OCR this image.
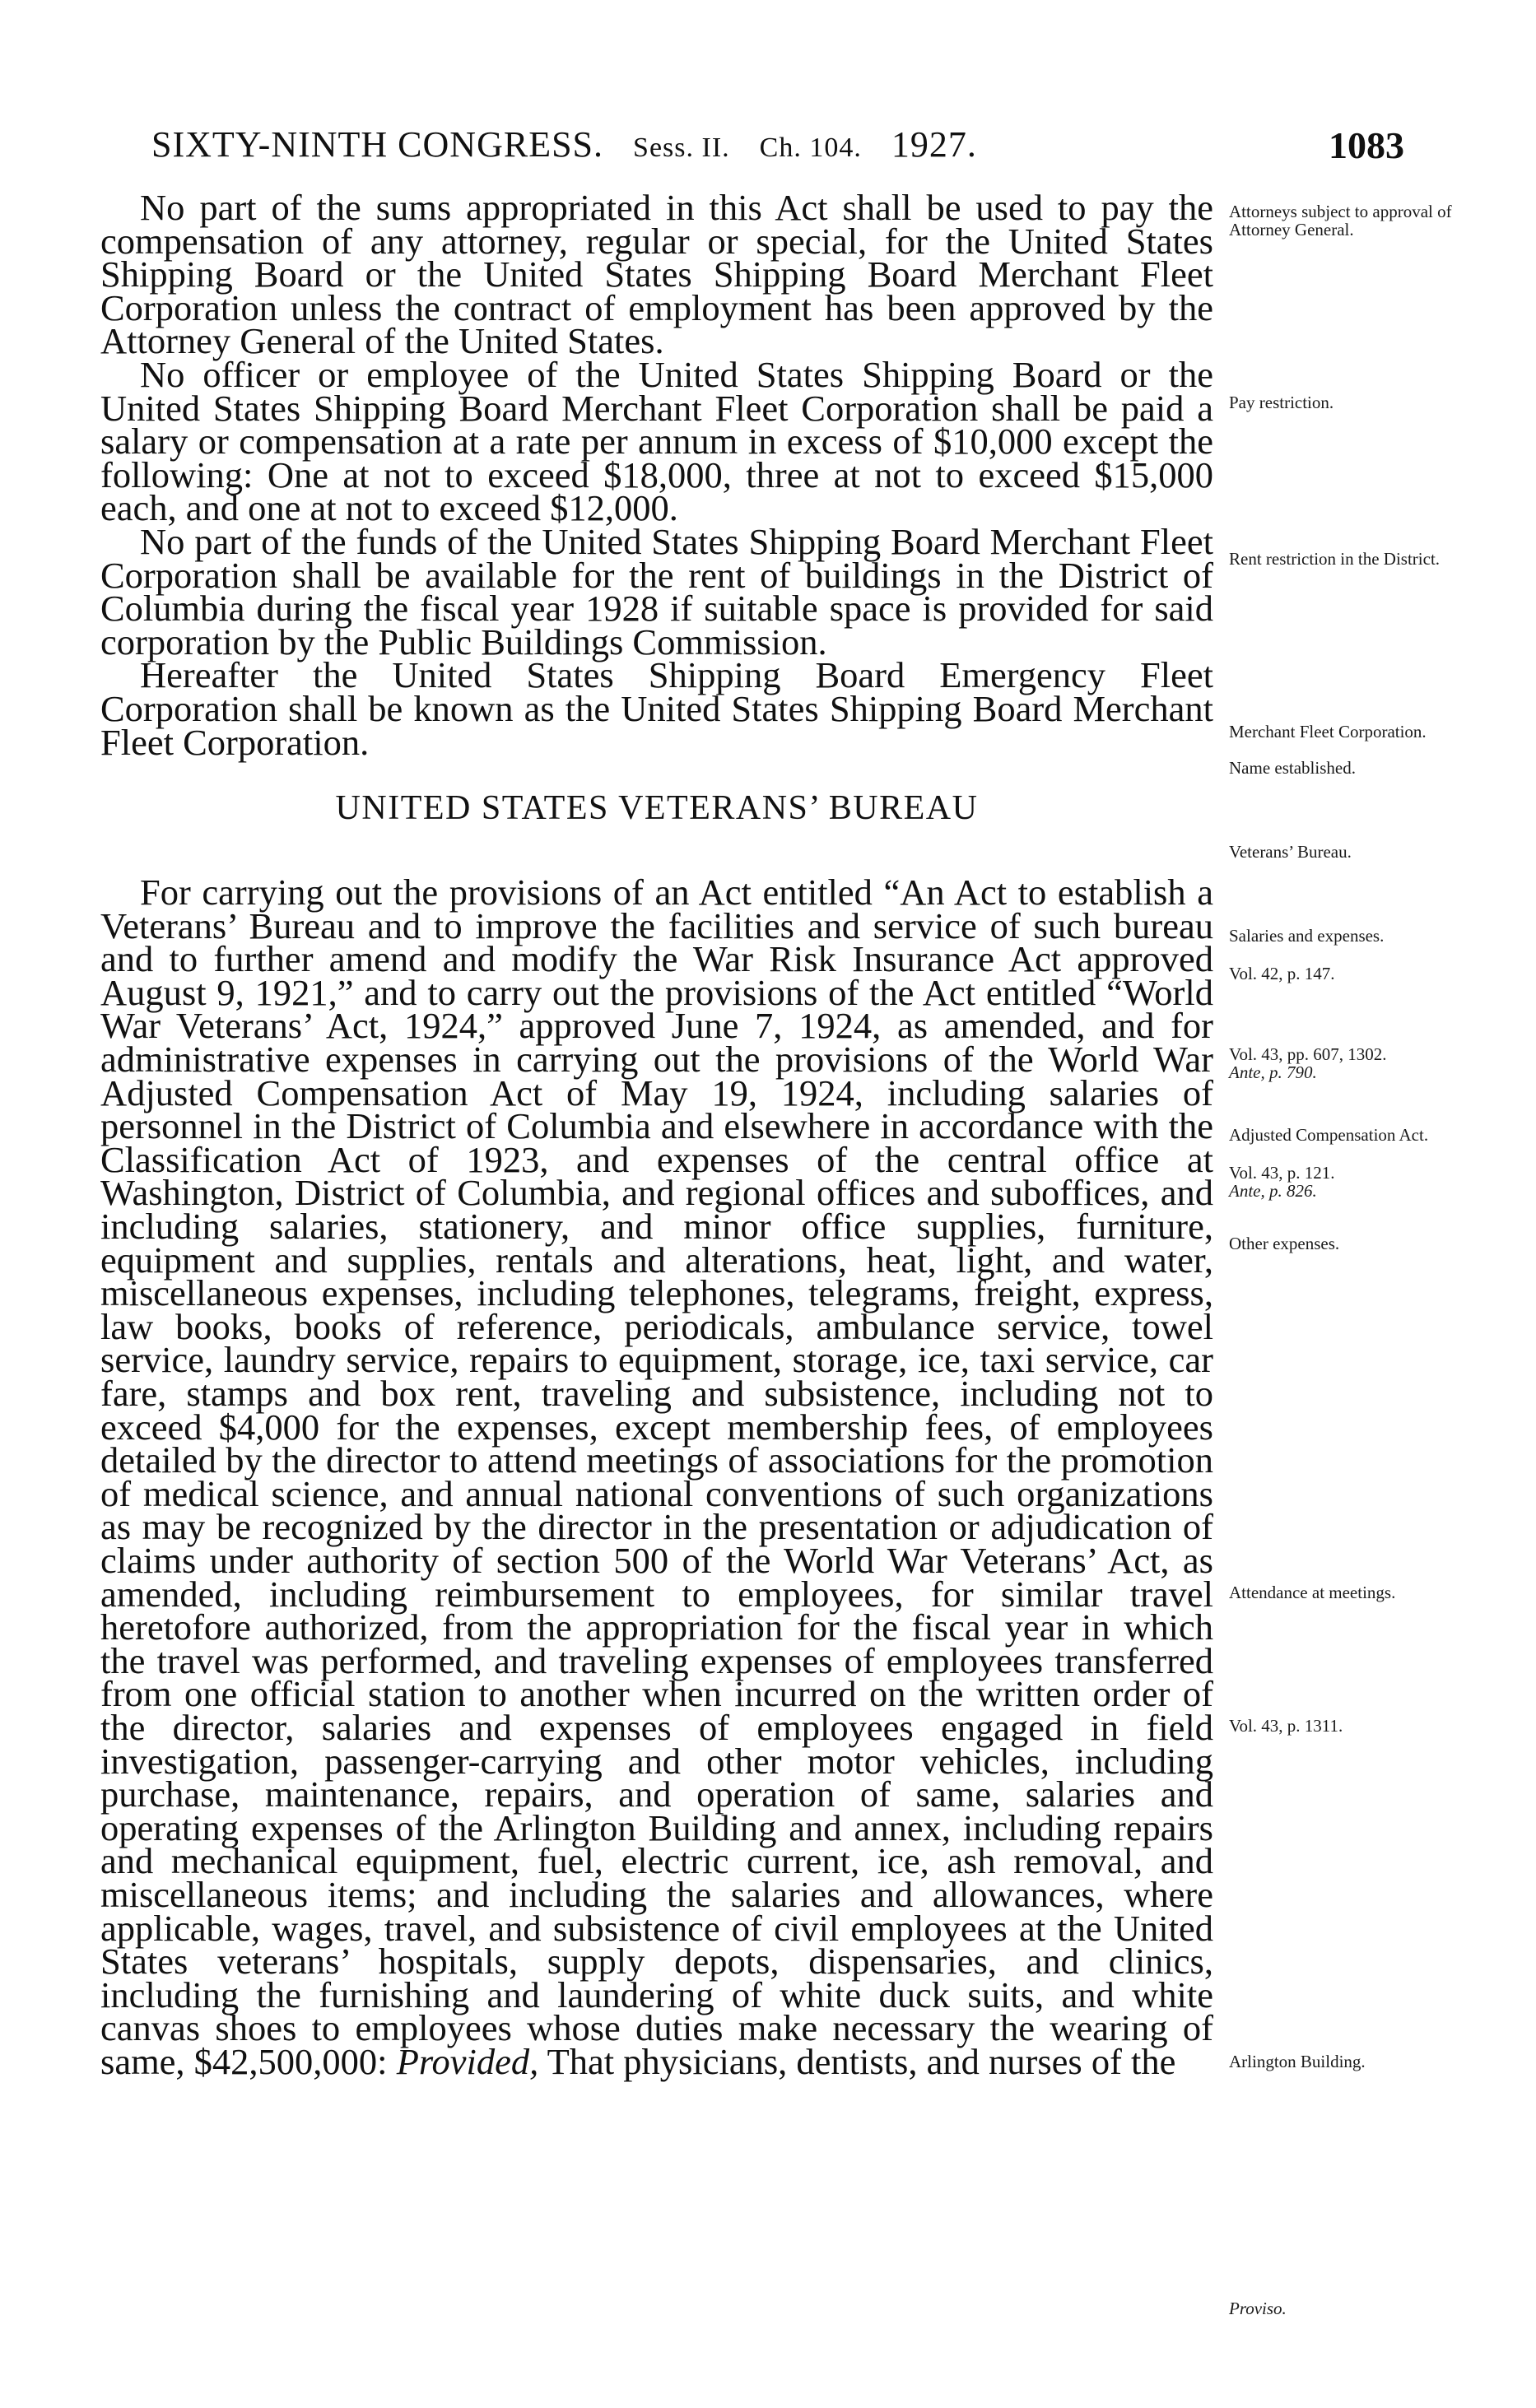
SIXTY-NINTH CONGRESS. Sess. II. Ch. 104. 1927.	1083

No part of the sums appropriated in this Act shall be used to pay the compensation of any attorney, regular or special, for the United States Shipping Board or the United States Shipping Board Merchant Fleet Corporation unless the contract of employment has been approved by the Attorney General of the United States.

No officer or employee of the United States Shipping Board or the United States Shipping Board Merchant Fleet Corporation shall be paid a salary or compensation at a rate per annum in excess of $10,000 except the following: One at not to exceed $18,000, three at not to exceed $15,000 each, and one at not to exceed $12,000.

No part of the funds of the United States Shipping Board Merchant Fleet Corporation shall be available for the rent of buildings in the District of Columbia during the fiscal year 1928 if suitable space is provided for said corporation by the Public Buildings Commission.

Hereafter the United States Shipping Board Emergency Fleet Corporation shall be known as the United States Shipping Board Merchant Fleet Corporation.

UNITED STATES VETERANS’ BUREAU

For carrying out the provisions of an Act entitled “An Act to establish a Veterans’ Bureau and to improve the facilities and service of such bureau and to further amend and modify the War Risk Insurance Act approved August 9, 1921,” and to carry out the provisions of the Act entitled “World War Veterans’ Act, 1924,” approved June 7, 1924, as amended, and for administrative expenses in carrying out the provisions of the World War Adjusted Compensation Act of May 19, 1924, including salaries of personnel in the District of Columbia and elsewhere in accordance with the Classification Act of 1923, and expenses of the central office at Washington, District of Columbia, and regional offices and suboffices, and including salaries, stationery, and minor office supplies, furniture, equipment and supplies, rentals and alterations, heat, light, and water, miscellaneous expenses, including telephones, telegrams, freight, express, law books, books of reference, periodicals, ambulance service, towel service, laundry service, repairs to equipment, storage, ice, taxi service, car fare, stamps and box rent, traveling and subsistence, including not to exceed $4,000 for the expenses, except membership fees, of employees detailed by the director to attend meetings of associations for the promotion of medical science, and annual national conventions of such organizations as may be recognized by the director in the presentation or adjudication of claims under authority of section 500 of the World War Veterans’ Act, as amended, including reimbursement to employees, for similar travel heretofore authorized, from the appropriation for the fiscal year in which the travel was performed, and traveling expenses of employees transferred from one official station to another when incurred on the written order of the director, salaries and expenses of employees engaged in field investigation, passenger-carrying and other motor vehicles, including purchase, maintenance, repairs, and operation of same, salaries and operating expenses of the Arlington Building and annex, including repairs and mechanical equipment, fuel, electric current, ice, ash removal, and miscellaneous items; and including the salaries and allowances, where applicable, wages, travel, and subsistence of civil employees at the United States veterans’ hospitals, supply depots, dispensaries, and clinics, including the furnishing and laundering of white duck suits, and white canvas shoes to employees whose duties make necessary the wearing of same, $42,500,000: Provided, That physicians, dentists, and nurses of the

Attorneys subject to approval of Attorney General.
Pay restriction.
Rent restriction in the District.
Merchant Fleet Corporation.
Name established.
Veterans’ Bureau.
Salaries and expenses.
Vol. 42, p. 147.
Vol. 43, pp. 607, 1302.
Ante, p. 790.
Adjusted Compensation Act.
Vol. 43, p. 121.
Ante, p. 826.
Other expenses.
Attendance at meetings.
Vol. 43, p. 1311.
Arlington Building.
Proviso.
